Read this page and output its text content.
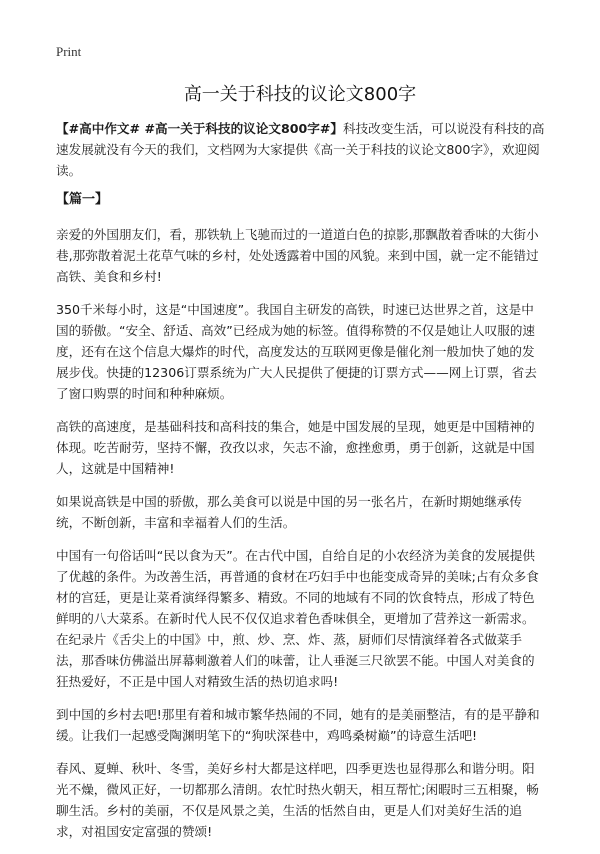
Print
高一关于科技的议论文800字

【#高中作文# #高一关于科技的议论文800字#】科技改变生活，可以说没有科技的高速发展就没有今天的我们，文档网为大家提供《高一关于科技的议论文800字》，欢迎阅读。

【篇一】

亲爱的外国朋友们，看，那铁轨上飞驰而过的一道道白色的掠影,那飘散着香味的大街小巷,那弥散着泥土花草气味的乡村，处处透露着中国的风貌。来到中国，就一定不能错过高铁、美食和乡村!

350千米每小时，这是“中国速度”。我国自主研发的高铁，时速已达世界之首，这是中国的骄傲。“安全、舒适、高效”已经成为她的标签。值得称赞的不仅是她让人叹服的速度，还有在这个信息大爆炸的时代，高度发达的互联网更像是催化剂一般加快了她的发展步伐。快捷的12306订票系统为广大人民提供了便捷的订票方式——网上订票，省去了窗口购票的时间和种种麻烦。

高铁的高速度，是基础科技和高科技的集合，她是中国发展的呈现，她更是中国精神的体现。吃苦耐劳，坚持不懈，孜孜以求，矢志不渝，愈挫愈勇，勇于创新，这就是中国人，这就是中国精神!

如果说高铁是中国的骄傲，那么美食可以说是中国的另一张名片，在新时期她继承传统，不断创新，丰富和幸福着人们的生活。

中国有一句俗话叫“民以食为天”。在古代中国，自给自足的小农经济为美食的发展提供了优越的条件。为改善生活，再普通的食材在巧妇手中也能变成奇异的美味;占有众多食材的宫廷，更是让菜肴演绎得繁多、精致。不同的地域有不同的饮食特点，形成了特色鲜明的八大菜系。在新时代人民不仅仅追求着色香味俱全，更增加了营养这一新需求。在纪录片《舌尖上的中国》中，煎、炒、烹、炸、蒸，厨师们尽情演绎着各式做菜手法，那香味仿佛溢出屏幕刺激着人们的味蕾，让人垂涎三尺欲罢不能。中国人对美食的狂热爱好，不正是中国人对精致生活的热切追求吗!

到中国的乡村去吧!那里有着和城市繁华热闹的不同，她有的是美丽整洁，有的是平静和缓。让我们一起感受陶渊明笔下的“狗吠深巷中，鸡鸣桑树巅”的诗意生活吧!

春风、夏蝉、秋叶、冬雪，美好乡村大都是这样吧，四季更迭也显得那么和谐分明。阳光不燥，微风正好，一切都那么清朗。农忙时热火朝天，相互帮忙;闲暇时三五相聚，畅聊生活。乡村的美丽，不仅是风景之美，生活的恬然自由，更是人们对美好生活的追求，对祖国安定富强的赞颂!
